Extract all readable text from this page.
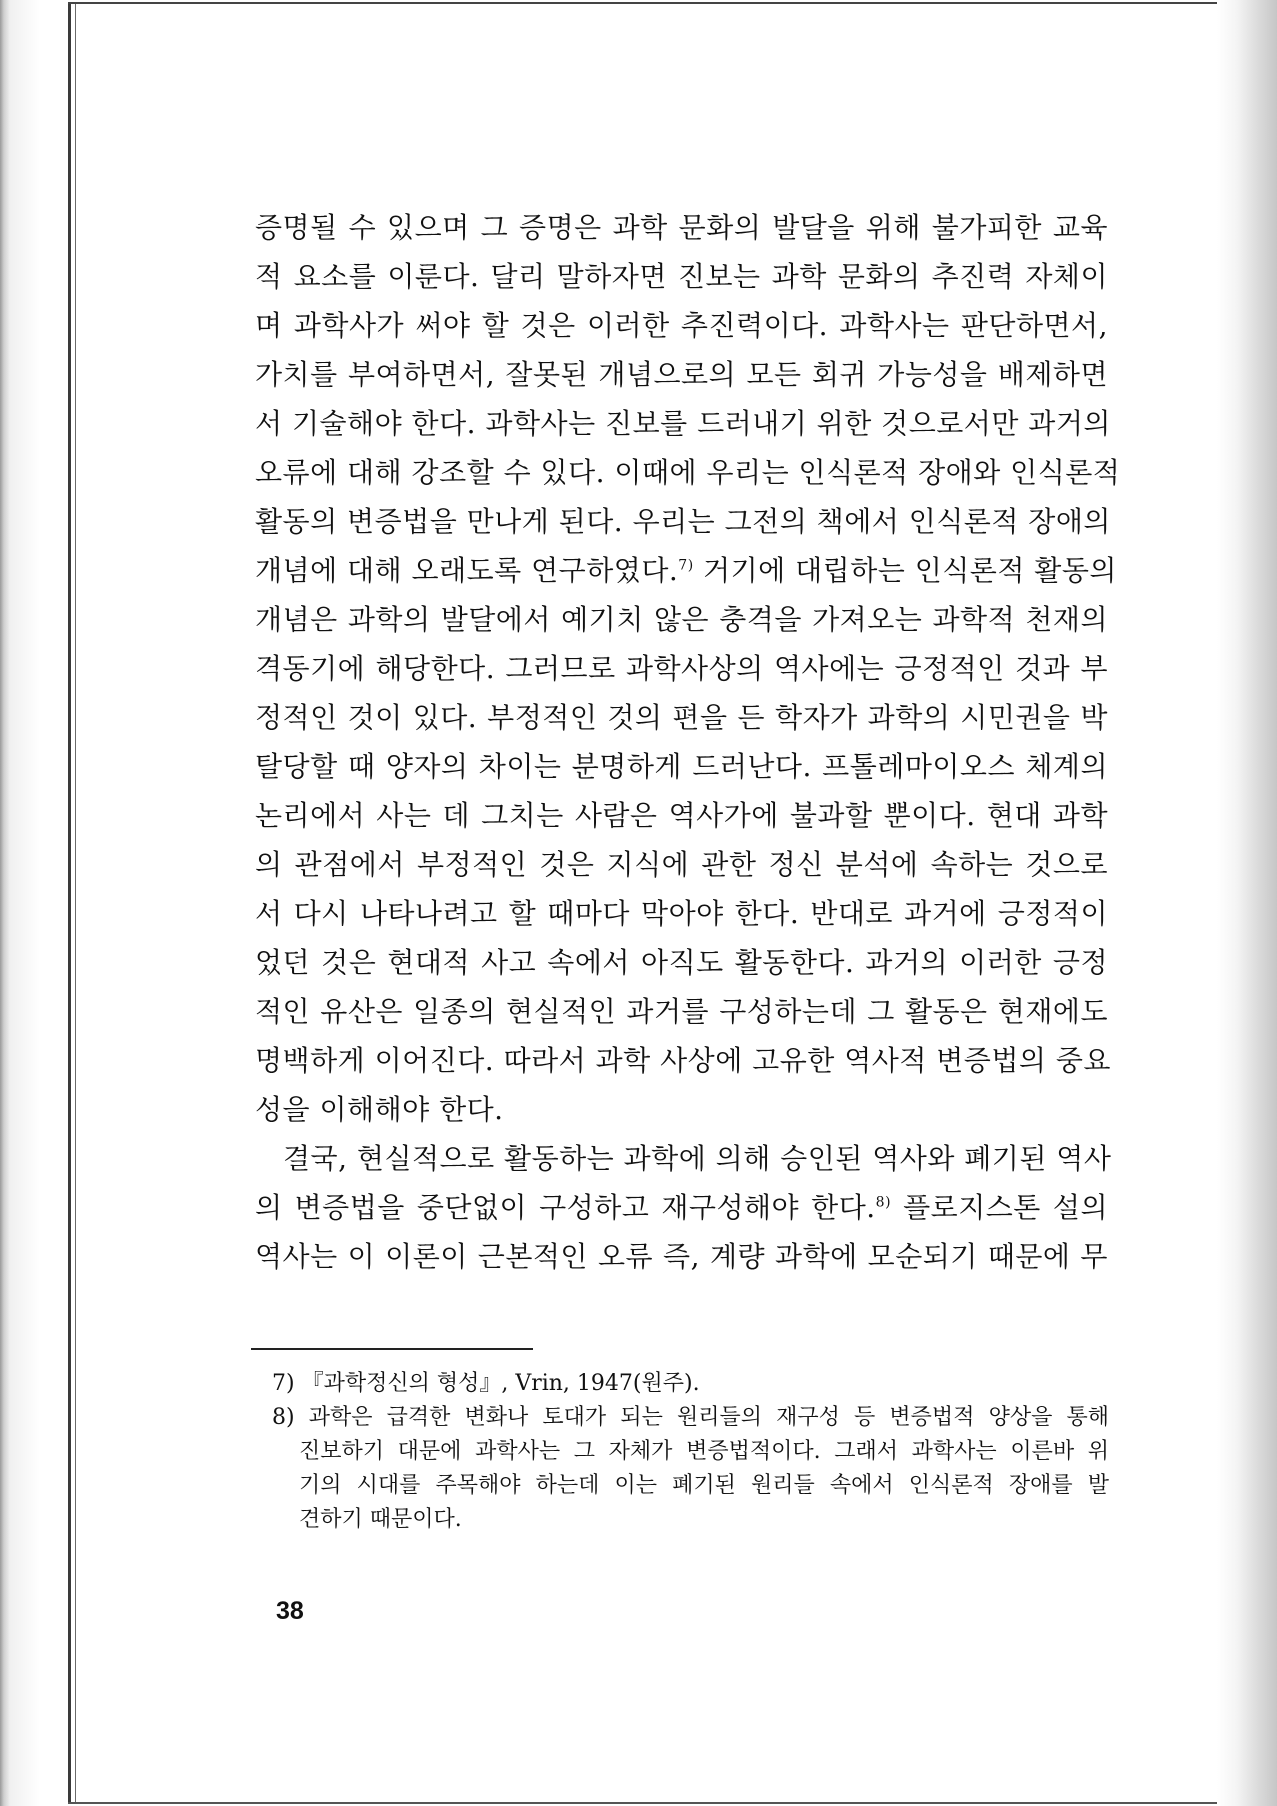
증명될 수 있으며 그 증명은 과학 문화의 발달을 위해 불가피한 교육
적 요소를 이룬다. 달리 말하자면 진보는 과학 문화의 추진력 자체이
며 과학사가 써야 할 것은 이러한 추진력이다. 과학사는 판단하면서,
가치를 부여하면서, 잘못된 개념으로의 모든 회귀 가능성을 배제하면
서 기술해야 한다. 과학사는 진보를 드러내기 위한 것으로서만 과거의
오류에 대해 강조할 수 있다. 이때에 우리는 인식론적 장애와 인식론적
활동의 변증법을 만나게 된다. 우리는 그전의 책에서 인식론적 장애의
개념에 대해 오래도록 연구하였다.$^{7)}$ 거기에 대립하는 인식론적 활동의
개념은 과학의 발달에서 예기치 않은 충격을 가져오는 과학적 천재의
격동기에 해당한다. 그러므로 과학사상의 역사에는 긍정적인 것과 부
정적인 것이 있다. 부정적인 것의 편을 든 학자가 과학의 시민권을 박
탈당할 때 양자의 차이는 분명하게 드러난다. 프톨레마이오스 체계의
논리에서 사는 데 그치는 사람은 역사가에 불과할 뿐이다. 현대 과학
의 관점에서 부정적인 것은 지식에 관한 정신 분석에 속하는 것으로
서 다시 나타나려고 할 때마다 막아야 한다. 반대로 과거에 긍정적이
었던 것은 현대적 사고 속에서 아직도 활동한다. 과거의 이러한 긍정
적인 유산은 일종의 현실적인 과거를 구성하는데 그 활동은 현재에도
명백하게 이어진다. 따라서 과학 사상에 고유한 역사적 변증법의 중요
성을 이해해야 한다.
결국, 현실적으로 활동하는 과학에 의해 승인된 역사와 폐기된 역사
의 변증법을 중단없이 구성하고 재구성해야 한다.$^{8)}$ 플로지스톤 설의
역사는 이 이론이 근본적인 오류 즉, 계량 과학에 모순되기 때문에 무
7) 『과학정신의 형성』, Vrin, 1947(원주).
8) 과학은 급격한 변화나 토대가 되는 원리들의 재구성 등 변증법적 양상을 통해
진보하기 대문에 과학사는 그 자체가 변증법적이다. 그래서 과학사는 이른바 위
기의 시대를 주목해야 하는데 이는 폐기된 원리들 속에서 인식론적 장애를 발
견하기 때문이다.
38
